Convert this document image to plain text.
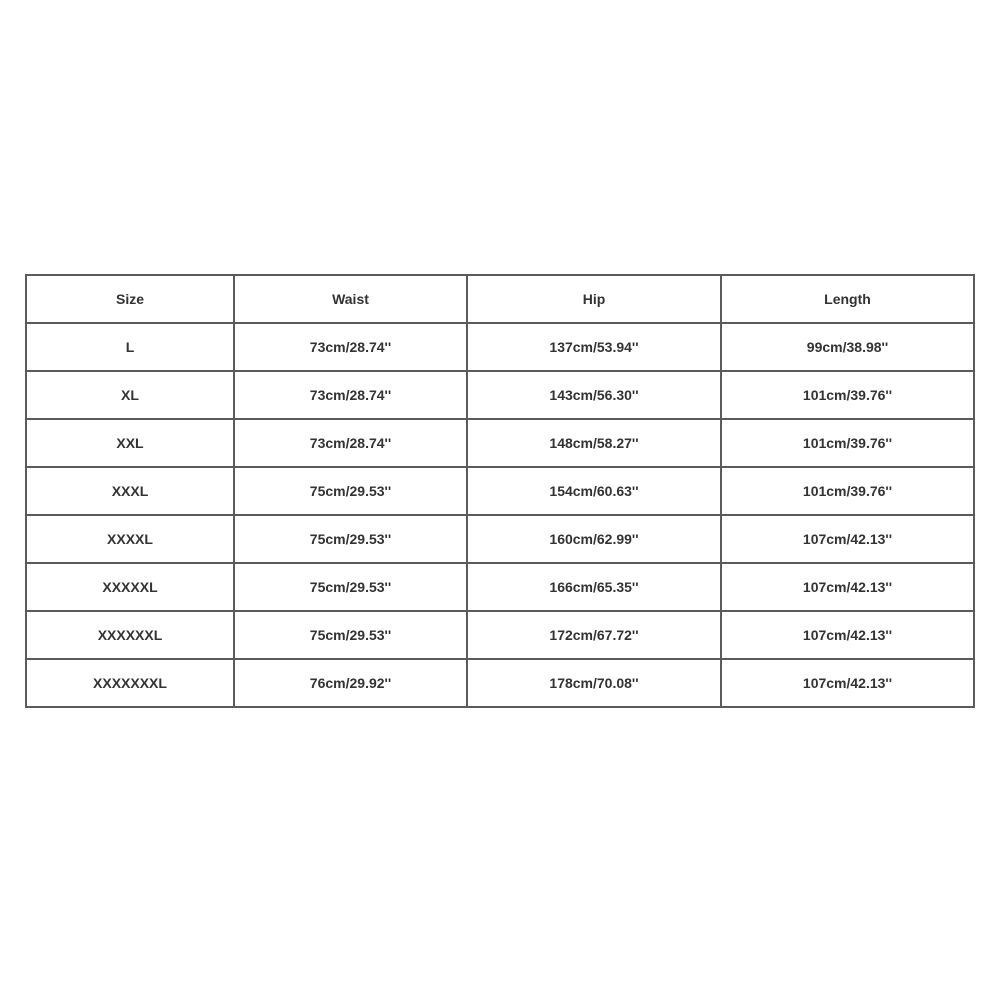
Size	Waist	Hip	Length
L	73cm/28.74''	137cm/53.94''	99cm/38.98''
XL	73cm/28.74''	143cm/56.30''	101cm/39.76''
XXL	73cm/28.74''	148cm/58.27''	101cm/39.76''
XXXL	75cm/29.53''	154cm/60.63''	101cm/39.76''
XXXXL	75cm/29.53''	160cm/62.99''	107cm/42.13''
XXXXXL	75cm/29.53''	166cm/65.35''	107cm/42.13''
XXXXXXL	75cm/29.53''	172cm/67.72''	107cm/42.13''
XXXXXXXL	76cm/29.92''	178cm/70.08''	107cm/42.13''
